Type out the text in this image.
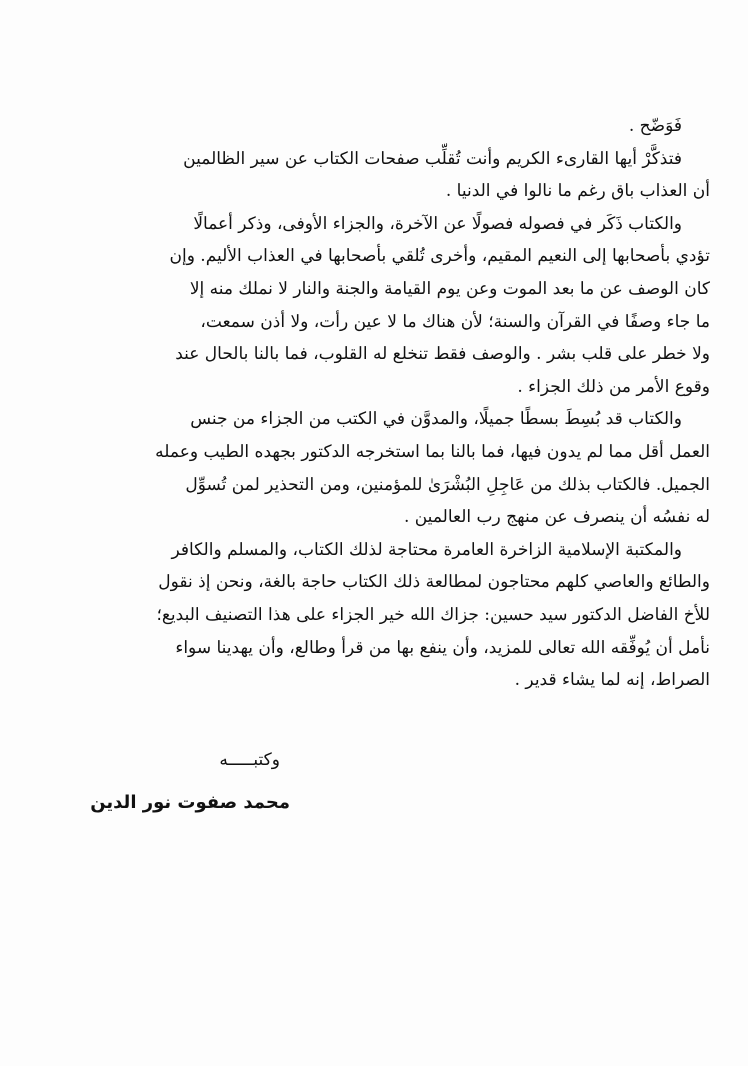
فَوَضّح .
فتذكَّرْ أيها القارىء الكريم وأنت تُقلِّب صفحات الكتاب عن سير الظالمين
أن العذاب باق رغم ما نالوا في الدنيا .
والكتاب ذَكَر في فصوله فصولًا عن الآخرة، والجزاء الأوفى، وذكر أعمالًا
تؤدي بأصحابها إلى النعيم المقيم، وأخرى تُلقي بأصحابها في العذاب الأليم. وإن
كان الوصف عن ما بعد الموت وعن يوم القيامة والجنة والنار لا نملك منه إلا
ما جاء وصفًا في القرآن والسنة؛ لأن هناك ما لا عين رأت، ولا أذن سمعت،
ولا خطر على قلب بشر . والوصف فقط تنخلع له القلوب، فما بالنا بالحال عند
وقوع الأمر من ذلك الجزاء .
والكتاب قد بُسِطَ بسطًا جميلًا، والمدوَّن في الكتب من الجزاء من جنس
العمل أقل مما لم يدون فيها، فما بالنا بما استخرجه الدكتور بجهده الطيب وعمله
الجميل. فالكتاب بذلك من عَاجِلِ البُشْرَىٰ للمؤمنين، ومن التحذير لمن تُسوِّل
له نفسُه أن ينصرف عن منهج رب العالمين .
والمكتبة الإسلامية الزاخرة العامرة محتاجة لذلك الكتاب، والمسلم والكافر
والطائع والعاصي كلهم محتاجون لمطالعة ذلك الكتاب حاجة بالغة، ونحن إذ نقول
للأخ الفاضل الدكتور سيد حسين: جزاك الله خير الجزاء على هذا التصنيف البديع؛
نأمل أن يُوفِّقه الله تعالى للمزيد، وأن ينفع بها من قرأ وطالع، وأن يهدينا سواء
الصراط، إنه لما يشاء قدير .
وكتبـــــه
محمد صفوت نور الدين
